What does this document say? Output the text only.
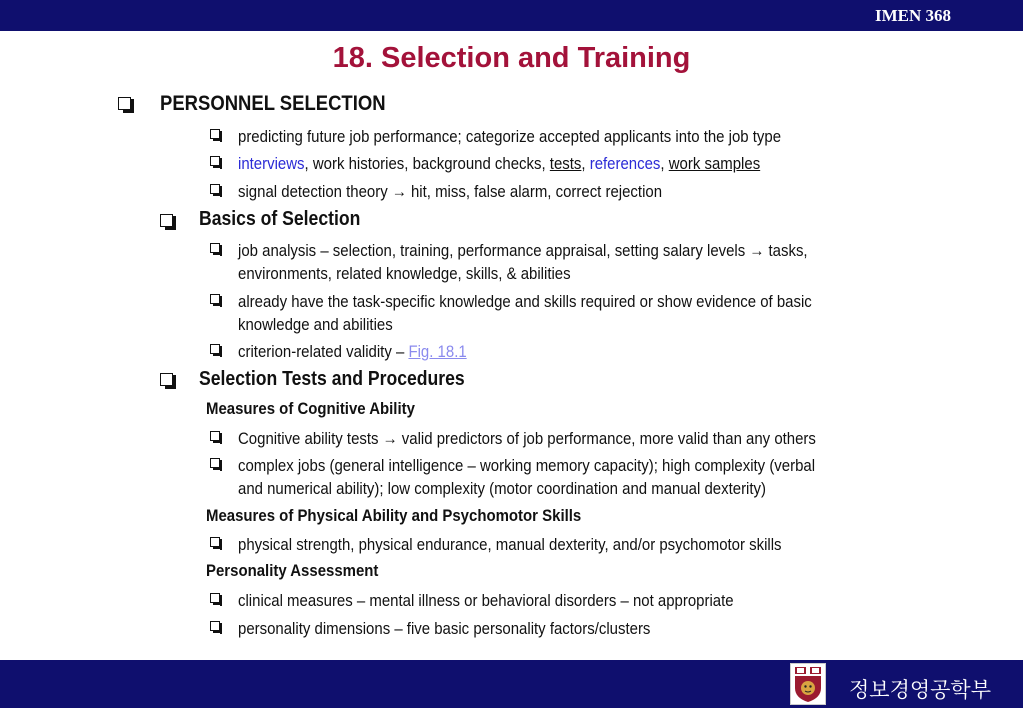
IMEN 368
18. Selection and Training
PERSONNEL SELECTION
predicting future job performance; categorize accepted applicants into the job type
interviews, work histories, background checks, tests, references, work samples
signal detection theory → hit, miss, false alarm, correct rejection
Basics of Selection
job analysis – selection, training, performance appraisal, setting salary levels → tasks,
environments, related knowledge, skills, & abilities
already have the task-specific knowledge and skills required or show evidence of basic
knowledge and abilities
criterion-related validity – Fig. 18.1
Selection Tests and Procedures
Measures of Cognitive Ability
Cognitive ability tests → valid predictors of job performance, more valid than any others
complex jobs (general intelligence – working memory capacity); high complexity (verbal
and numerical ability); low complexity (motor coordination and manual dexterity)
Measures of Physical Ability and Psychomotor Skills
physical strength, physical endurance, manual dexterity, and/or psychomotor skills
Personality Assessment
clinical measures – mental illness or behavioral disorders – not appropriate
personality dimensions – five basic personality factors/clusters
정보경영공학부
